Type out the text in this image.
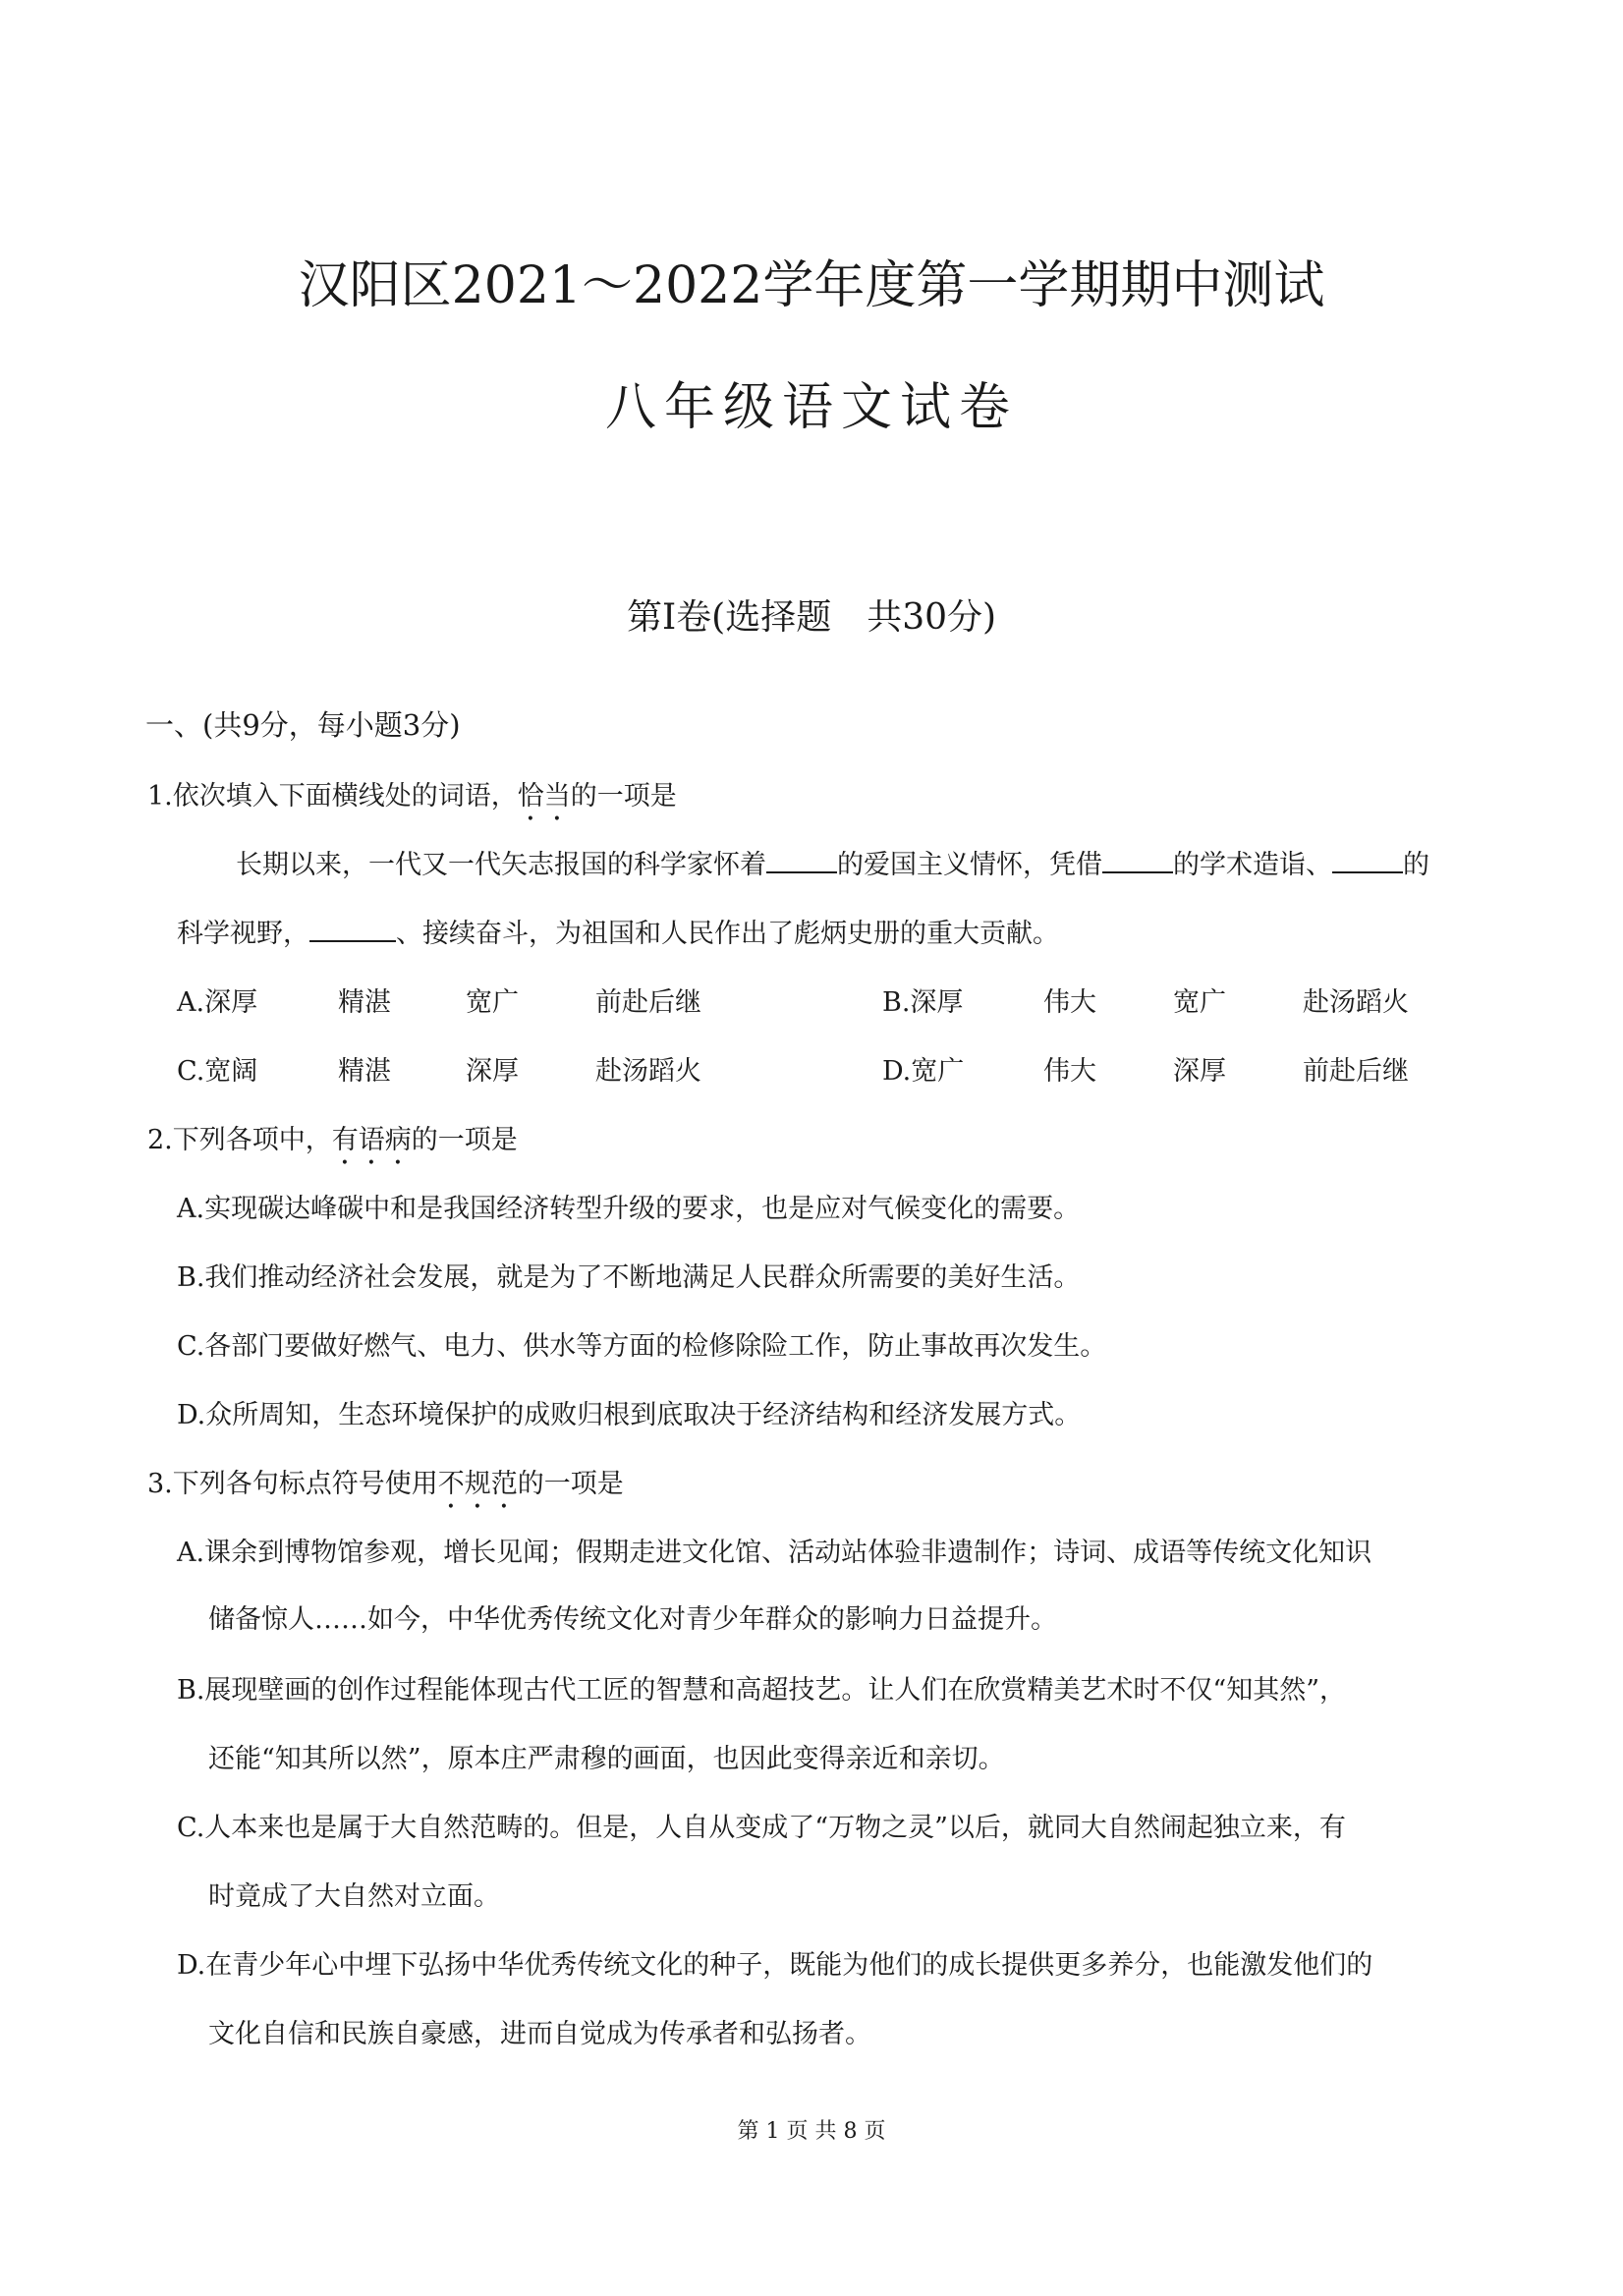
汉阳区2021～2022学年度第一学期期中测试
八年级语文试卷
第Ⅰ卷(选择题　共30分)
一、(共9分，每小题3分)
1.依次填入下面横线处的词语，恰当的一项是
长期以来，一代又一代矢志报国的科学家怀着	的爱国主义情怀，凭借	的学术造诣、	的
科学视野，	、接续奋斗，为祖国和人民作出了彪炳史册的重大贡献。
A.深厚	精湛	宽广	前赴后继	B.深厚	伟大	宽广	赴汤蹈火
C.宽阔	精湛	深厚	赴汤蹈火	D.宽广	伟大	深厚	前赴后继
2.下列各项中，有语病的一项是
A.实现碳达峰碳中和是我国经济转型升级的要求，也是应对气候变化的需要。
B.我们推动经济社会发展，就是为了不断地满足人民群众所需要的美好生活。
C.各部门要做好燃气、电力、供水等方面的检修除险工作，防止事故再次发生。
D.众所周知，生态环境保护的成败归根到底取决于经济结构和经济发展方式。
3.下列各句标点符号使用不规范的一项是
A.课余到博物馆参观，增长见闻；假期走进文化馆、活动站体验非遗制作；诗词、成语等传统文化知识
储备惊人……如今，中华优秀传统文化对青少年群众的影响力日益提升。
B.展现壁画的创作过程能体现古代工匠的智慧和高超技艺。让人们在欣赏精美艺术时不仅“知其然”，
还能“知其所以然”，原本庄严肃穆的画面，也因此变得亲近和亲切。
C.人本来也是属于大自然范畴的。但是，人自从变成了“万物之灵”以后，就同大自然闹起独立来，有
时竟成了大自然对立面。
D.在青少年心中埋下弘扬中华优秀传统文化的种子，既能为他们的成长提供更多养分，也能激发他们的
文化自信和民族自豪感，进而自觉成为传承者和弘扬者。
第 1 页 共 8 页
